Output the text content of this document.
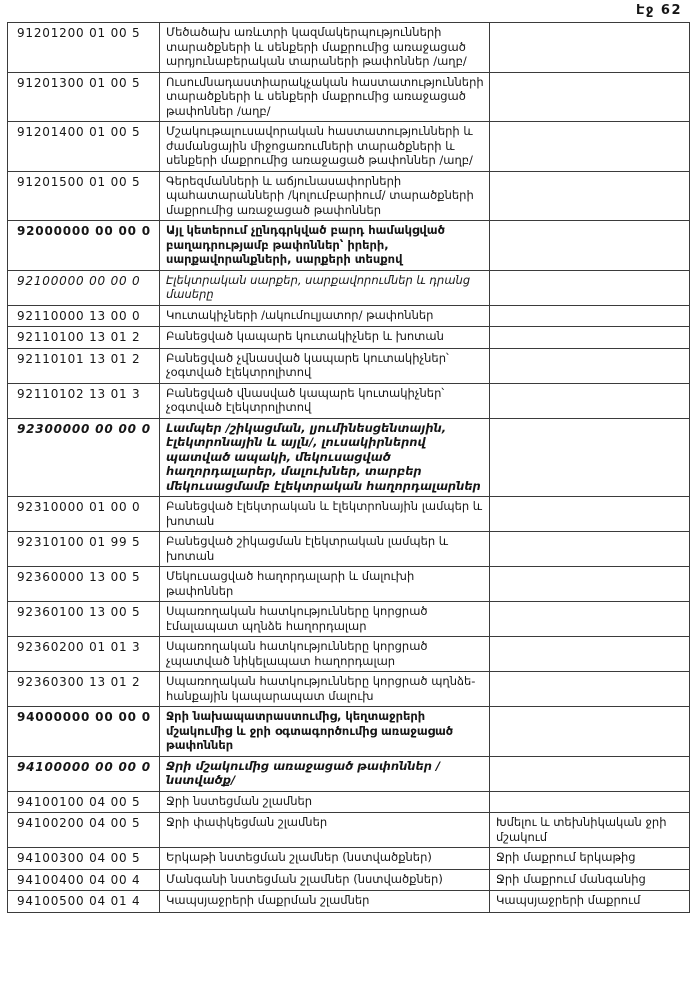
Էջ 62
91201200 01 00 5	Մեծածախ առևտրի կազմակերպությունների տարածքների և սենքերի մաքրումից առաջացած արդյունաբերական տարաների թափոններ /աղբ/	
91201300 01 00 5	Ուսումնադաստիարակչական հաստատությունների տարածքների և սենքերի մաքրումից առաջացած թափոններ /աղբ/	
91201400 01 00 5	Մշակութալուսավորական հաստատությունների և ժամանցային միջոցառումների տարածքների և սենքերի մաքրումից առաջացած թափոններ /աղբ/	
91201500 01 00 5	Գերեզմանների և աճյունասափորների պահատարանների /կոլումբարիում/ տարածքների մաքրումից առաջացած թափոններ	
92000000 00 00 0	Այլ կետերում չընդգրկված բարդ համակցված բաղադրությամբ թափոններ՝ իրերի, սարքավորանքների, սարքերի տեսքով	
92100000 00 00 0	Էլեկտրական սարքեր, սարքավորումներ և դրանց մասերը	
92110000 13 00 0	Կուտակիչների /ակումուլյատոր/ թափոններ	
92110100 13 01 2	Բանեցված կապարե կուտակիչներ և խոտան	
92110101 13 01 2	Բանեցված չվնասված կապարե կուտակիչներ՝ չօգտված էլեկտրոլիտով	
92110102 13 01 3	Բանեցված վնասված կապարե կուտակիչներ՝ չօգտված էլեկտրոլիտով	
92300000 00 00 0	Լամպեր /շիկացման, լյումինեսցենտային, էլեկտրոնային և այլն/, լուսակիրներով պատված ապակի, մեկուսացված հաղորդալարեր, մալուխներ, տարբեր մեկուսացմամբ էլեկտրական հաղորդալարներ	
92310000 01 00 0	Բանեցված էլեկտրական և էլեկտրոնային լամպեր և խոտան	
92310100 01 99 5	Բանեցված շիկացման էլեկտրական լամպեր և խոտան	
92360000 13 00 5	Մեկուսացված հաղորդալարի և մալուխի թափոններ	
92360100 13 00 5	Սպառողական հատկությունները կորցրած էմալապատ պղնձե հաղորդալար	
92360200 01 01 3	Սպառողական հատկությունները կորցրած չպատված նիկելապատ հաղորդալար	
92360300 13 01 2	Սպառողական հատկությունները կորցրած պղնձե-հանքային կապարապատ մալուխ	
94000000 00 00 0	Ջրի նախապատրաստումից, կեղտաջրերի մշակումից և ջրի օգտագործումից առաջացած թափոններ	
94100000 00 00 0	Ջրի մշակումից առաջացած թափոններ /նստվածք/	
94100100 04 00 5	Ջրի նստեցման շլամներ	
94100200 04 00 5	Ջրի փափկեցման շլամներ	Խմելու և տեխնիկական ջրի մշակում
94100300 04 00 5	Երկաթի նստեցման շլամներ (նստվածքներ)	Ջրի մաքրում երկաթից
94100400 04 00 4	Մանգանի նստեցման շլամներ (նստվածքներ)	Ջրի մաքրում մանգանից
94100500 04 01 4	Կապսյաջրերի մաքրման շլամներ	Կապսյաջրերի մաքրում
